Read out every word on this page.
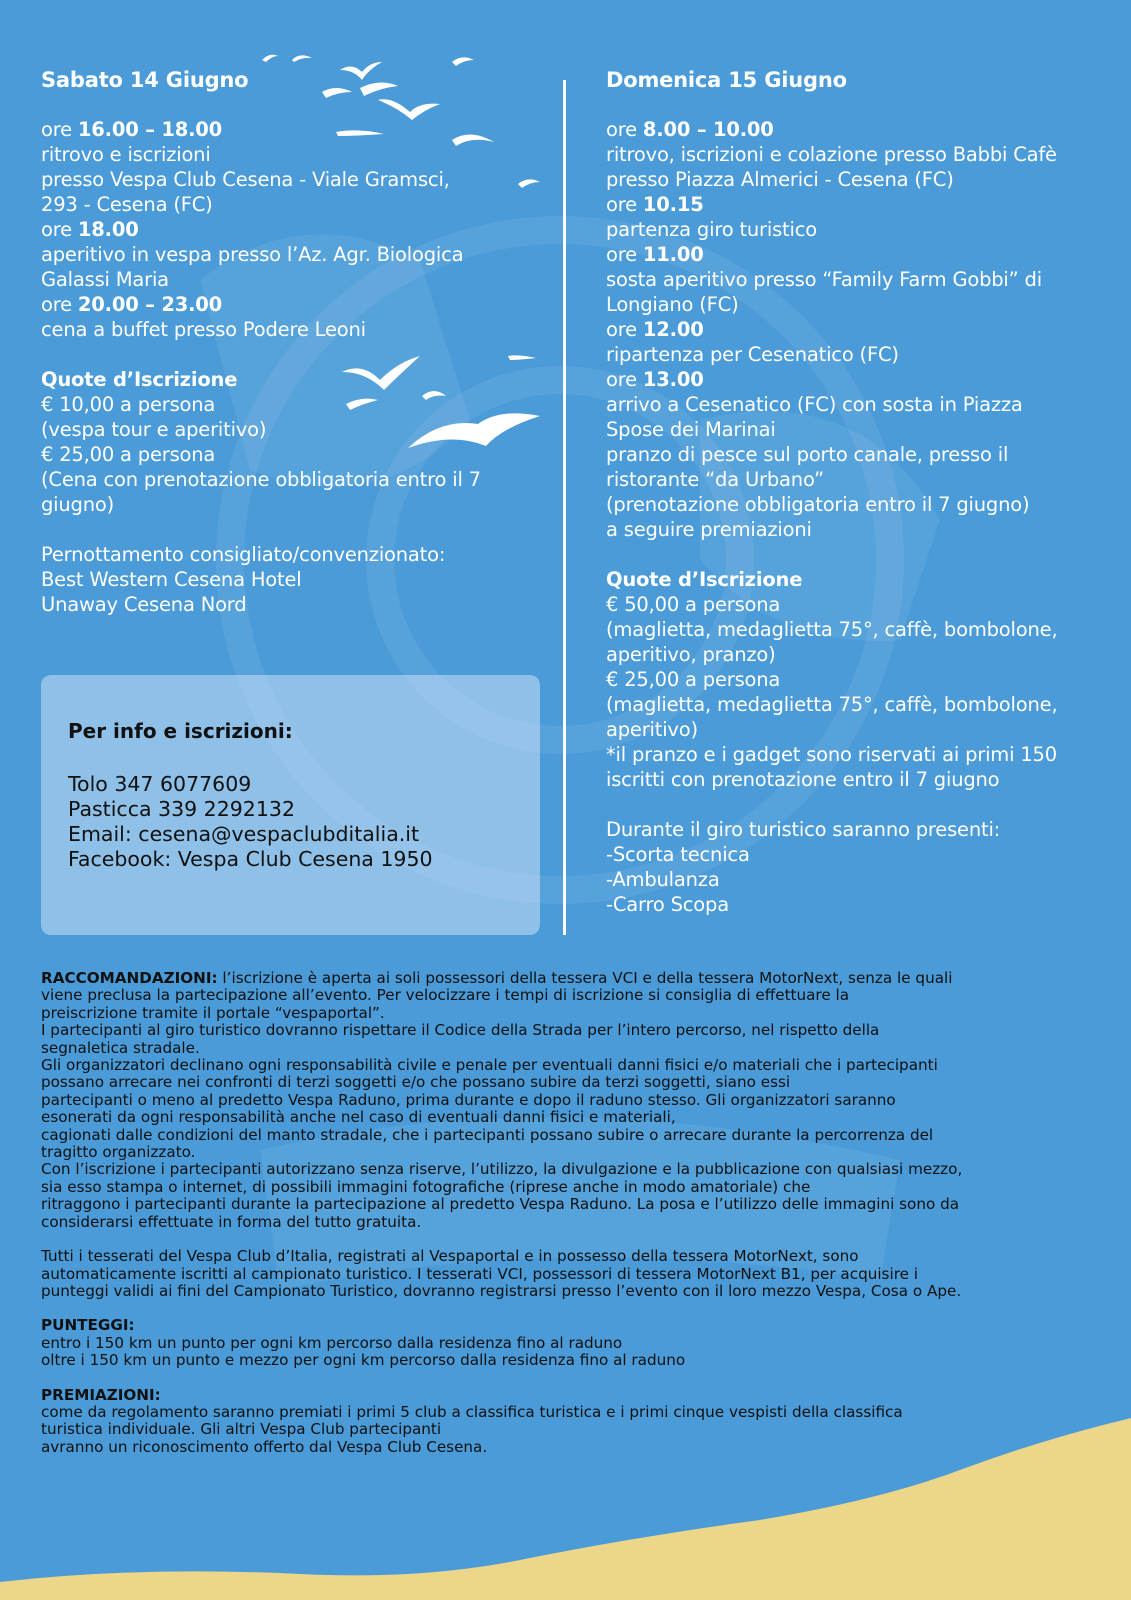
Sabato 14 Giugno
ore 16.00 – 18.00
ritrovo e iscrizioni
presso Vespa Club Cesena - Viale Gramsci,
293 - Cesena (FC)
ore 18.00
aperitivo in vespa presso l’Az. Agr. Biologica
Galassi Maria
ore 20.00 – 23.00
cena a buffet presso Podere Leoni
Quote d’Iscrizione
€ 10,00 a persona
(vespa tour e aperitivo)
€ 25,00 a persona
(Cena con prenotazione obbligatoria entro il 7
giugno)
Pernottamento consigliato/convenzionato:
Best Western Cesena Hotel
Unaway Cesena Nord
Per info e iscrizioni:
Tolo 347 6077609
Pasticca 339 2292132
Email: cesena@vespaclubditalia.it
Facebook: Vespa Club Cesena 1950
Domenica 15 Giugno
ore 8.00 – 10.00
ritrovo, iscrizioni e colazione presso Babbi Cafè
presso Piazza Almerici - Cesena (FC)
ore 10.15
partenza giro turistico
ore 11.00
sosta aperitivo presso “Family Farm Gobbi” di
Longiano (FC)
ore 12.00
ripartenza per Cesenatico (FC)
ore 13.00
arrivo a Cesenatico (FC) con sosta in Piazza
Spose dei Marinai
pranzo di pesce sul porto canale, presso il
ristorante “da Urbano”
(prenotazione obbligatoria entro il 7 giugno)
a seguire premiazioni
Quote d’Iscrizione
€ 50,00 a persona
(maglietta, medaglietta 75°, caffè, bombolone,
aperitivo, pranzo)
€ 25,00 a persona
(maglietta, medaglietta 75°, caffè, bombolone,
aperitivo)
*il pranzo e i gadget sono riservati ai primi 150
iscritti con prenotazione entro il 7 giugno
Durante il giro turistico saranno presenti:
-Scorta tecnica
-Ambulanza
-Carro Scopa
RACCOMANDAZIONI: l’iscrizione è aperta ai soli possessori della tessera VCI e della tessera MotorNext, senza le quali
viene preclusa la partecipazione all’evento. Per velocizzare i tempi di iscrizione si consiglia di effettuare la
preiscrizione tramite il portale “vespaportal”.
I partecipanti al giro turistico dovranno rispettare il Codice della Strada per l’intero percorso, nel rispetto della
segnaletica stradale.
Gli organizzatori declinano ogni responsabilità civile e penale per eventuali danni fisici e/o materiali che i partecipanti
possano arrecare nei confronti di terzi soggetti e/o che possano subire da terzi soggetti, siano essi
partecipanti o meno al predetto Vespa Raduno, prima durante e dopo il raduno stesso. Gli organizzatori saranno
esonerati da ogni responsabilità anche nel caso di eventuali danni fisici e materiali,
cagionati dalle condizioni del manto stradale, che i partecipanti possano subire o arrecare durante la percorrenza del
tragitto organizzato.
Con l’iscrizione i partecipanti autorizzano senza riserve, l’utilizzo, la divulgazione e la pubblicazione con qualsiasi mezzo,
sia esso stampa o internet, di possibili immagini fotografiche (riprese anche in modo amatoriale) che
ritraggono i partecipanti durante la partecipazione al predetto Vespa Raduno. La posa e l’utilizzo delle immagini sono da
considerarsi effettuate in forma del tutto gratuita.
Tutti i tesserati del Vespa Club d’Italia, registrati al Vespaportal e in possesso della tessera MotorNext, sono
automaticamente iscritti al campionato turistico. I tesserati VCI, possessori di tessera MotorNext B1, per acquisire i
punteggi validi ai fini del Campionato Turistico, dovranno registrarsi presso l’evento con il loro mezzo Vespa, Cosa o Ape.
PUNTEGGI:
entro i 150 km un punto per ogni km percorso dalla residenza fino al raduno
oltre i 150 km un punto e mezzo per ogni km percorso dalla residenza fino al raduno
PREMIAZIONI:
come da regolamento saranno premiati i primi 5 club a classifica turistica e i primi cinque vespisti della classifica
turistica individuale. Gli altri Vespa Club partecipanti
avranno un riconoscimento offerto dal Vespa Club Cesena.
